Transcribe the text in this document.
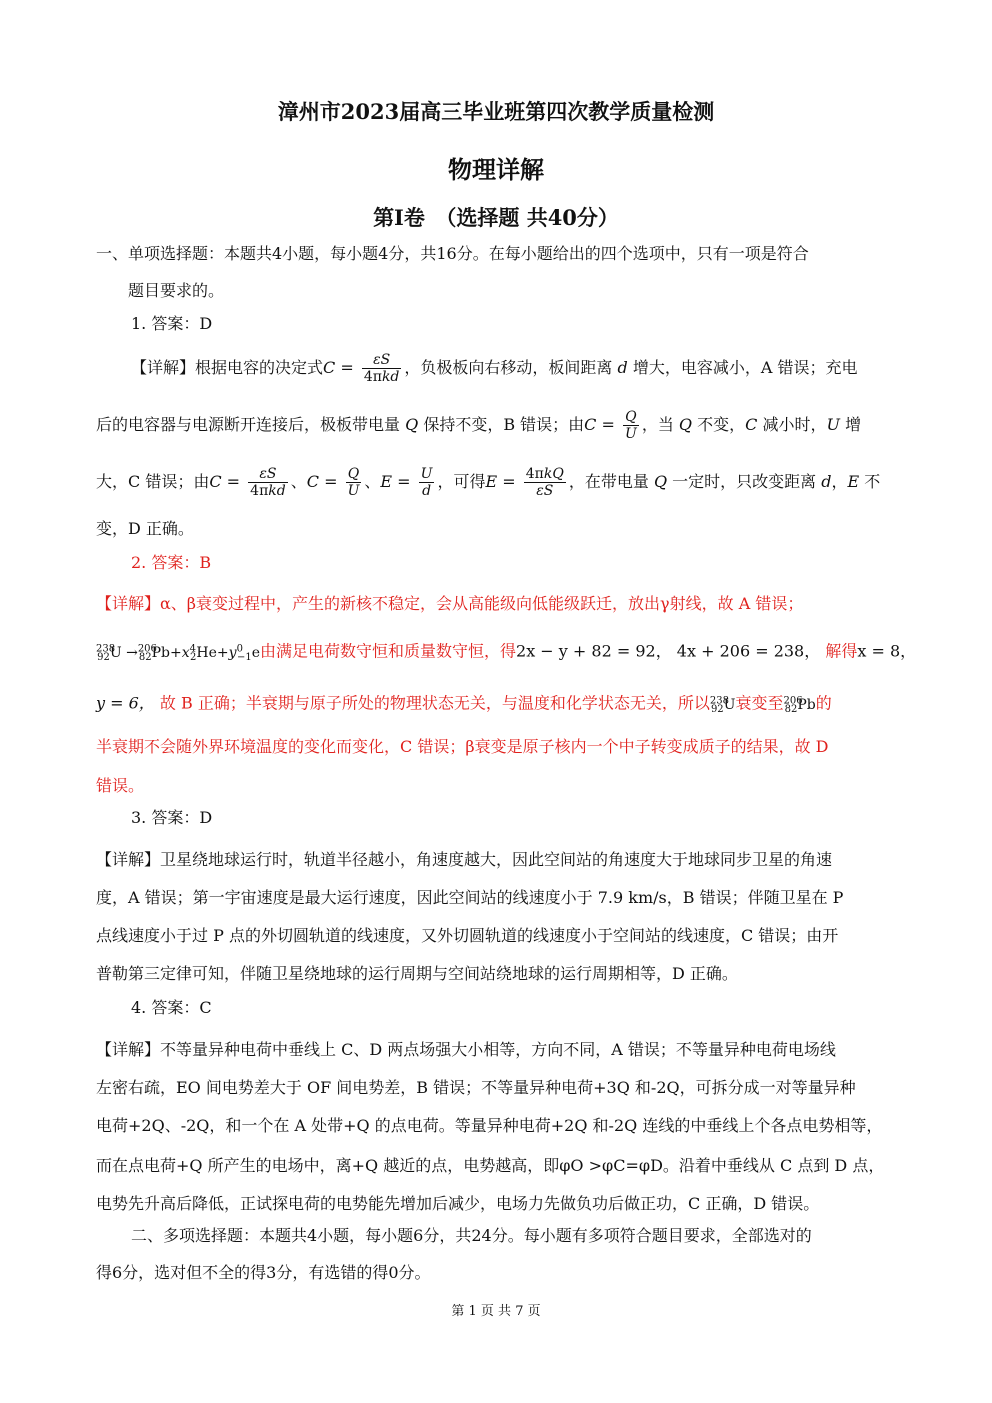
漳州市2023届高三毕业班第四次教学质量检测
物理详解
第Ⅰ卷　（选择题 共40分）
一、单项选择题：本题共4小题，每小题4分，共16分。在每小题给出的四个选项中，只有一项是符合
题目要求的。
1. 答案：D
【详解】根据电容的决定式$C = \frac{\varepsilon S}{\text{4πkd}}$ ，负极板向右移动，板间距离 d 增大，电容减小，A 错误；充电
后的电容器与电源断开连接后，极板带电量 Q 保持不变，B 错误；由$C = \frac{Q}{U}$ ，当 Q 不变，C 减小时，U 增
大，C 错误；由$C = \frac{\varepsilon S}{\text{4πkd}}$ 、$C = \frac{Q}{U}$ 、$E = \frac{U}{d}$ ，可得$E = \frac{\text{4πkQ}}{\varepsilon S}$ ，在带电量 Q 一定时，只改变距离 d，E 不
变，D 正确。
2. 答案：B
【详解】α、β衰变过程中，产生的新核不稳定，会从高能级向低能级跃迁，放出γ射线，故 A 错误；
$^{238}_{92}U \to^{206}_{82}Pb+x^4_2He+y^0_{-1}e$由满足电荷数守恒和质量数守恒，得2x − y + 82 = 92， 4x + 206 = 238， 解得x = 8，
y = 6， 故 B 正确；半衰期与原子所处的物理状态无关，与温度和化学状态无关，所以$^{238}_{92}$U衰变至$^{206}_{82}$Pb的
半衰期不会随外界环境温度的变化而变化，C 错误；β衰变是原子核内一个中子转变成质子的结果，故 D
错误。
3. 答案：D
【详解】卫星绕地球运行时，轨道半径越小，角速度越大，因此空间站的角速度大于地球同步卫星的角速
度，A 错误；第一宇宙速度是最大运行速度，因此空间站的线速度小于 7.9 km/s，B 错误；伴随卫星在 P
点线速度小于过 P 点的外切圆轨道的线速度，又外切圆轨道的线速度小于空间站的线速度，C 错误；由开
普勒第三定律可知，伴随卫星绕地球的运行周期与空间站绕地球的运行周期相等，D 正确。
4. 答案：C
【详解】不等量异种电荷中垂线上 C、D 两点场强大小相等，方向不同，A 错误；不等量异种电荷电场线
左密右疏，EO 间电势差大于 OF 间电势差，B 错误；不等量异种电荷+3Q 和-2Q，可拆分成一对等量异种
电荷+2Q、-2Q，和一个在 A 处带+Q 的点电荷。等量异种电荷+2Q 和-2Q 连线的中垂线上个各点电势相等，
而在点电荷+Q 所产生的电场中，离+Q 越近的点，电势越高，即φO >φC=φD。沿着中垂线从 C 点到 D 点，
电势先升高后降低，正试探电荷的电势能先增加后减少，电场力先做负功后做正功，C 正确，D 错误。
二、多项选择题：本题共4小题，每小题6分，共24分。每小题有多项符合题目要求，全部选对的
得6分，选对但不全的得3分，有选错的得0分。
第 1 页 共 7 页
